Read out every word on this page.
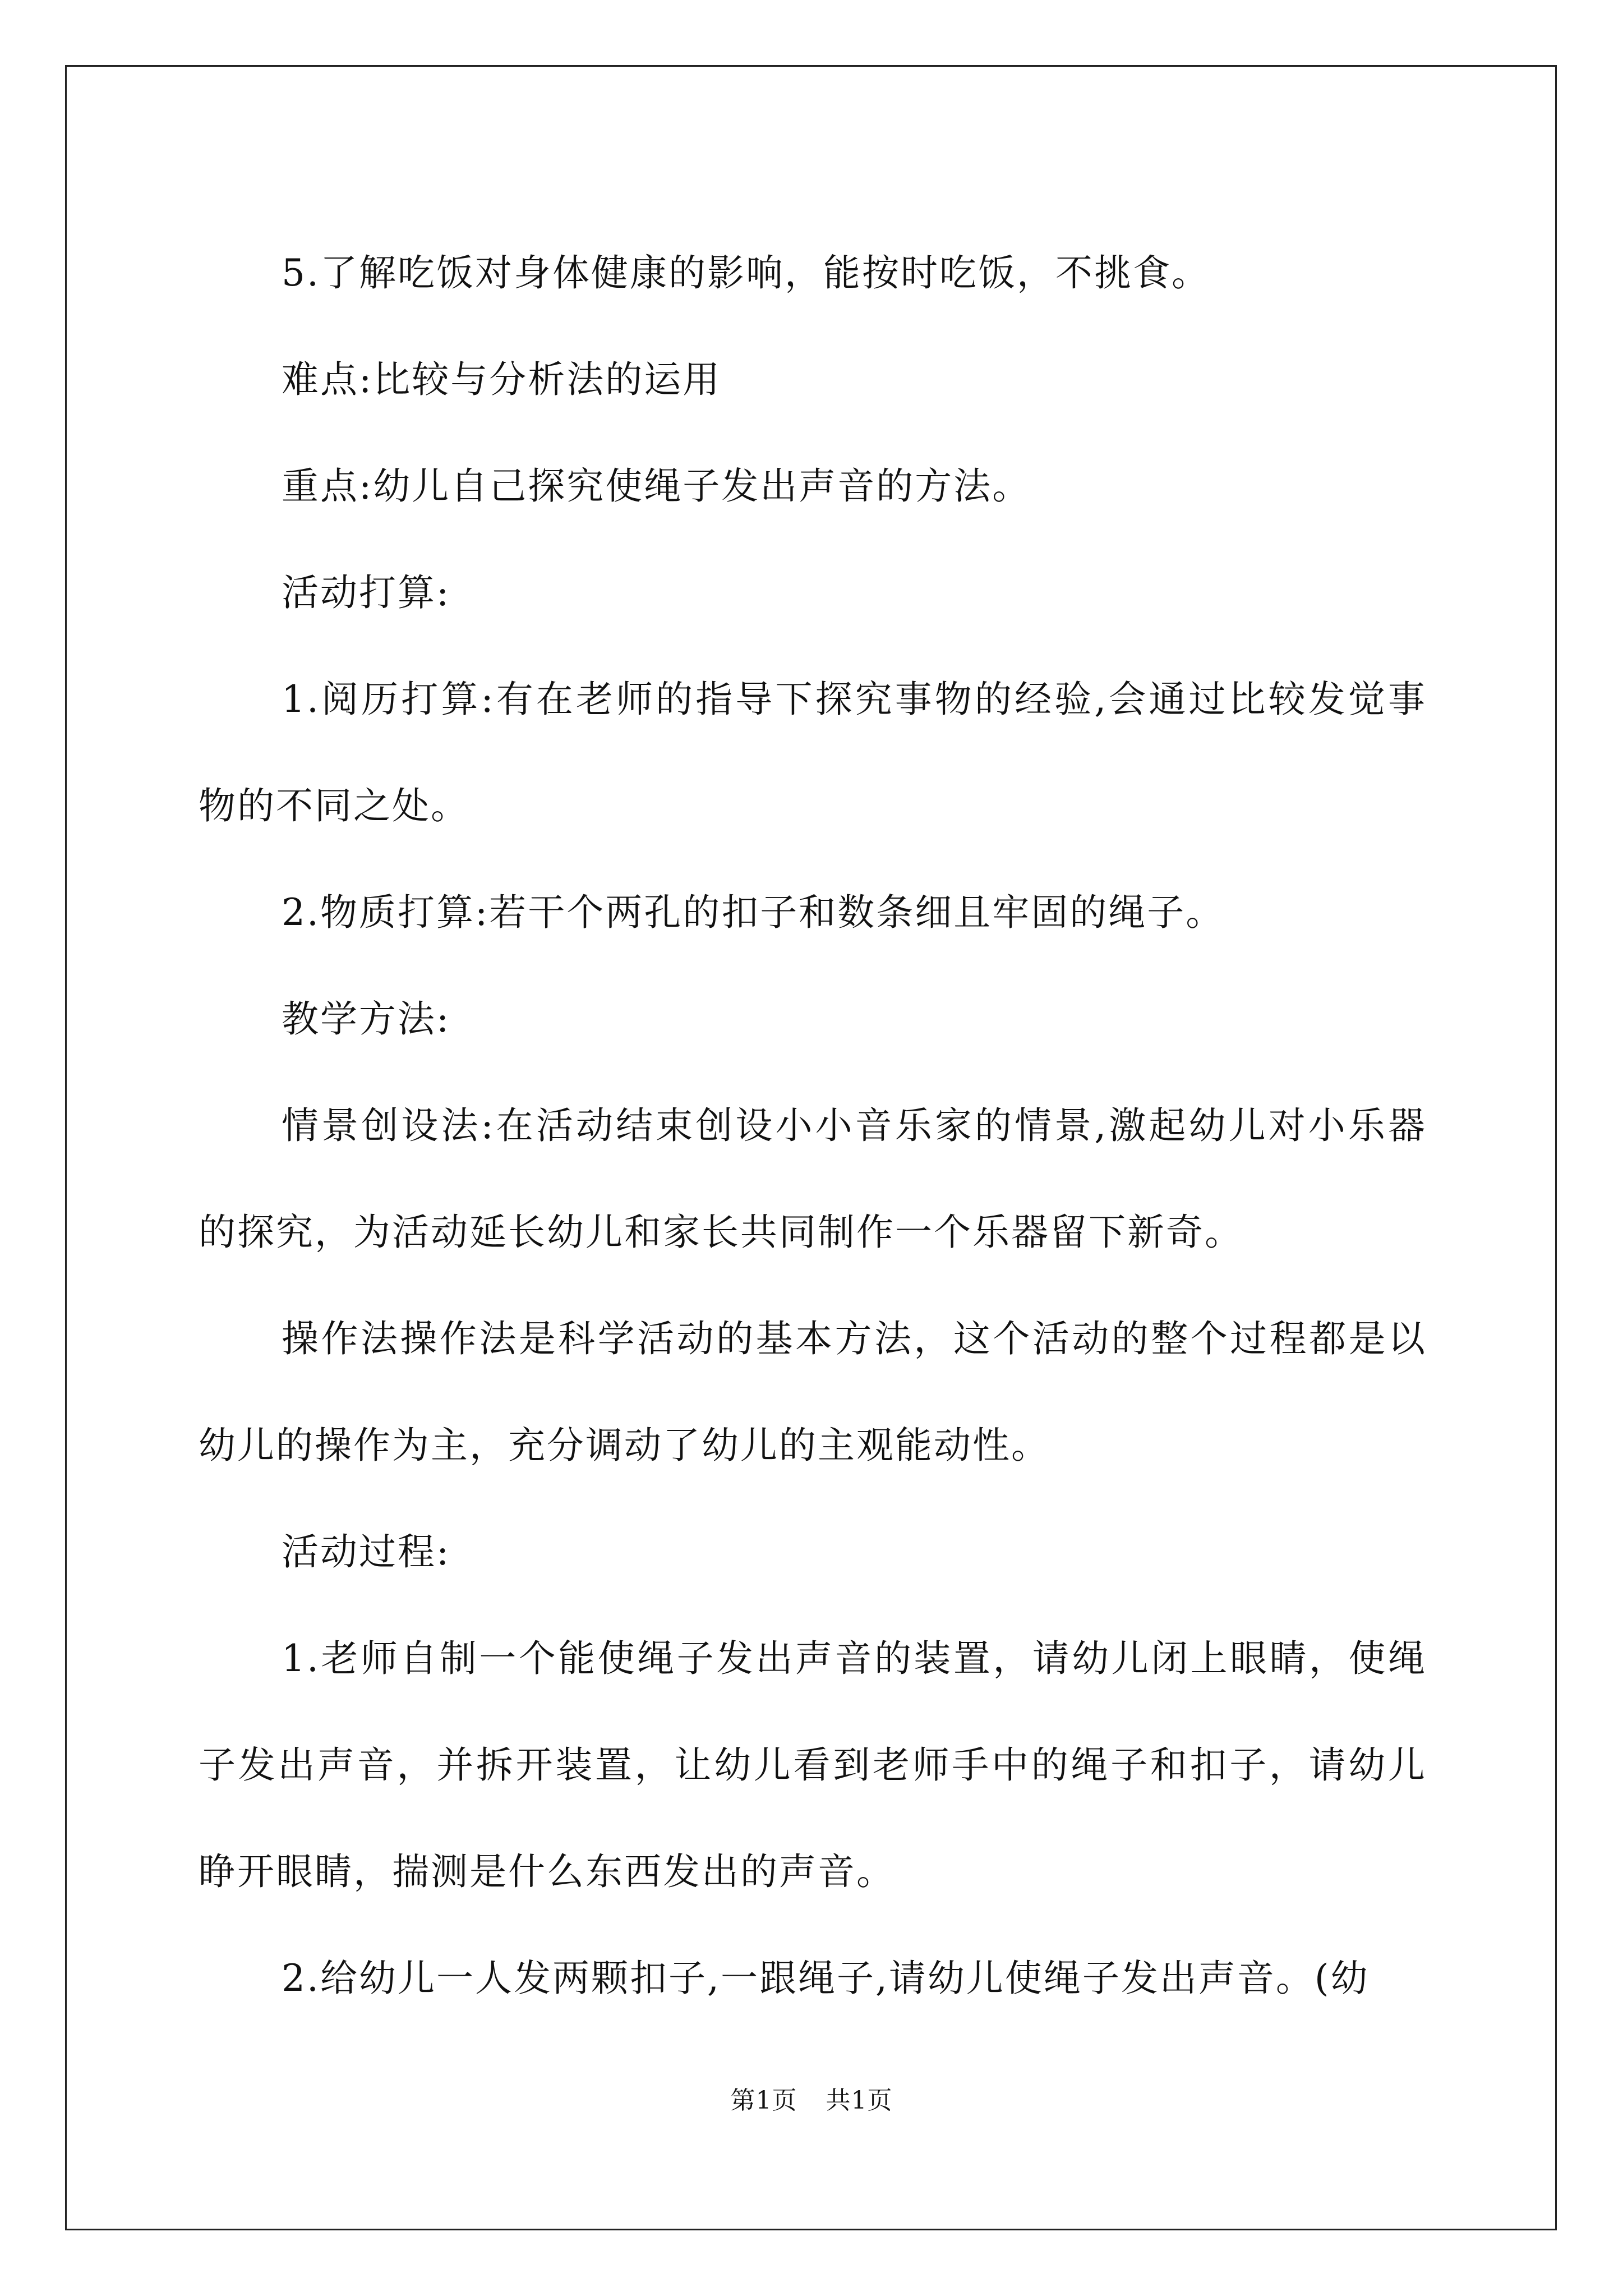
5.了解吃饭对身体健康的影响，能按时吃饭，不挑食。

难点:比较与分析法的运用

重点:幼儿自己探究使绳子发出声音的方法。

活动打算:

1.阅历打算:有在老师的指导下探究事物的经验,会通过比较发觉事物的不同之处。

2.物质打算:若干个两孔的扣子和数条细且牢固的绳子。

教学方法:

情景创设法:在活动结束创设小小音乐家的情景,激起幼儿对小乐器的探究，为活动延长幼儿和家长共同制作一个乐器留下新奇。

操作法操作法是科学活动的基本方法，这个活动的整个过程都是以幼儿的操作为主，充分调动了幼儿的主观能动性。

活动过程:

1.老师自制一个能使绳子发出声音的装置，请幼儿闭上眼睛，使绳子发出声音，并拆开装置，让幼儿看到老师手中的绳子和扣子，请幼儿睁开眼睛，揣测是什么东西发出的声音。

2.给幼儿一人发两颗扣子,一跟绳子,请幼儿使绳子发出声音。(幼

第1页 共1页
